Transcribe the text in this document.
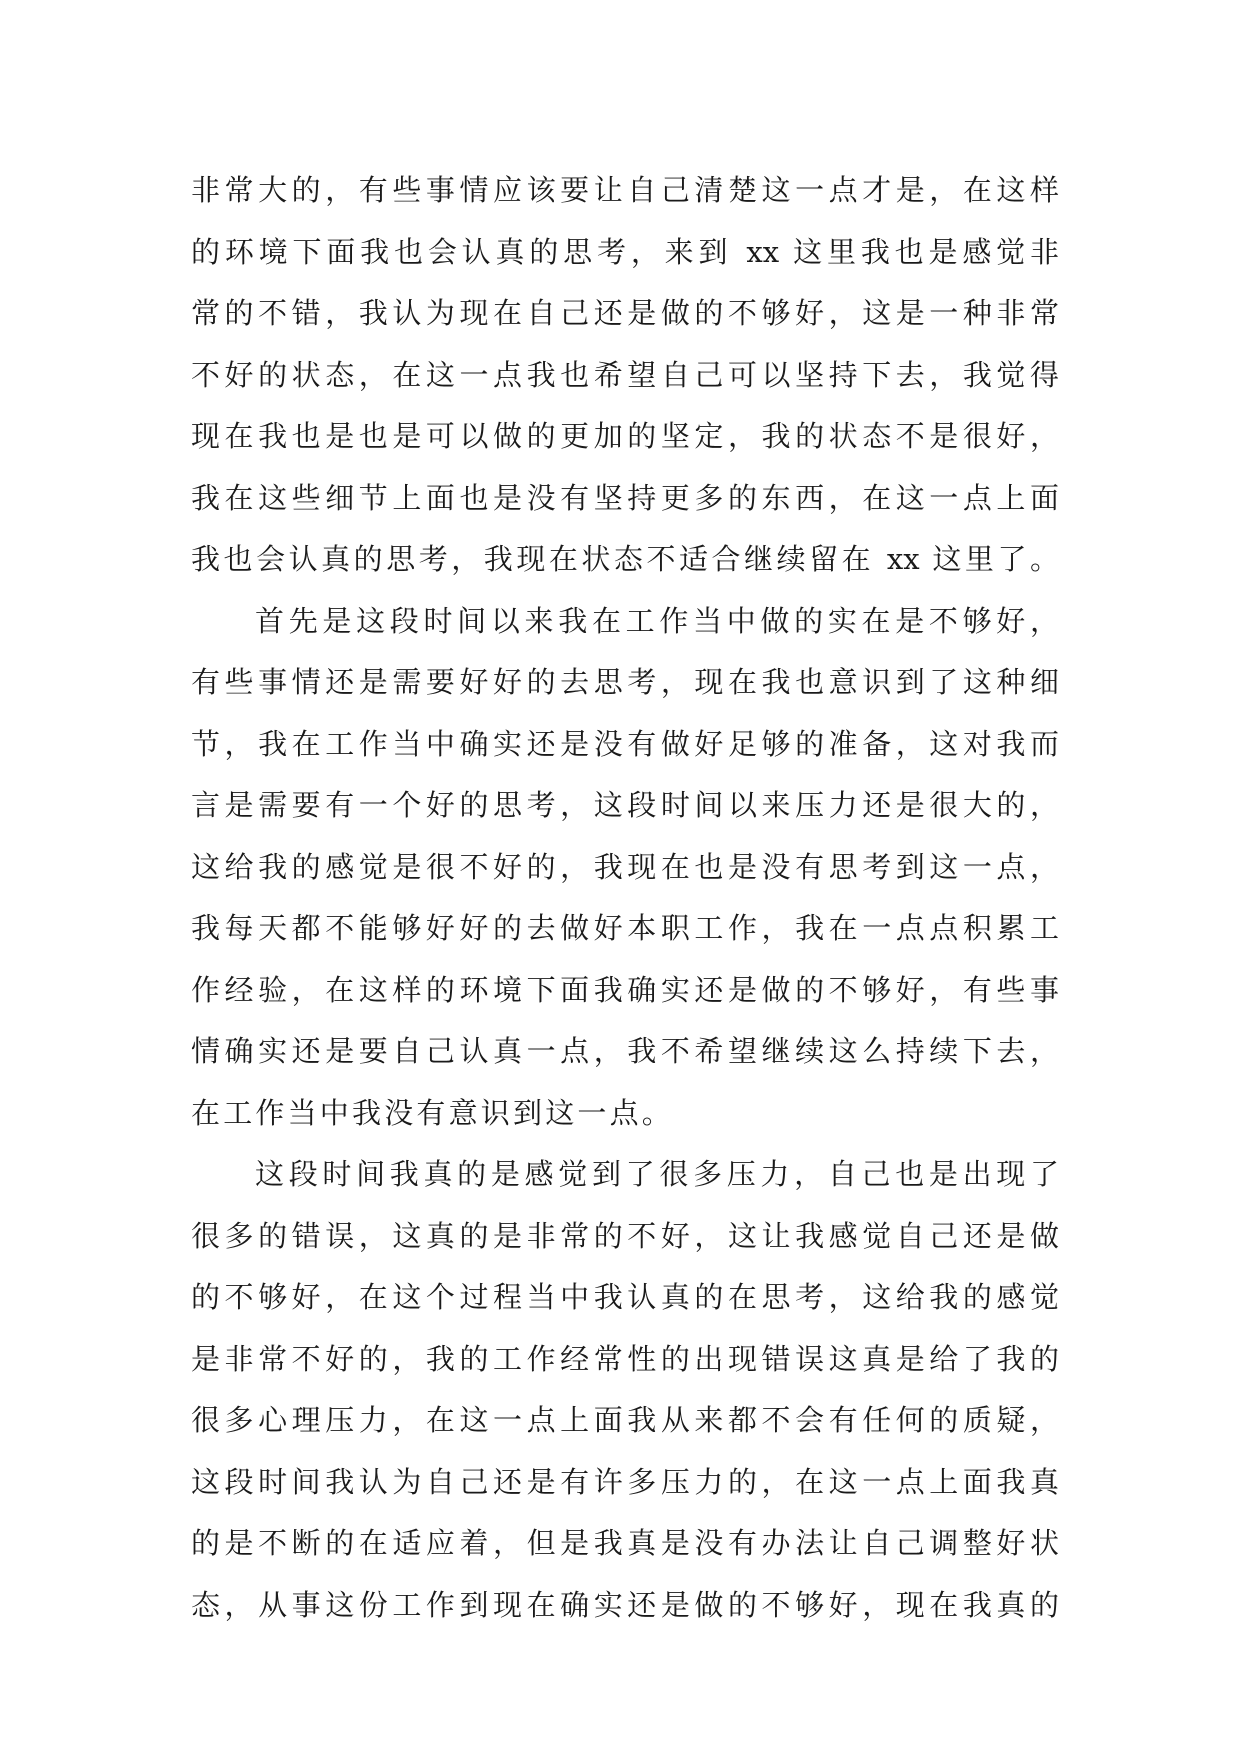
非常大的，有些事情应该要让自己清楚这一点才是，在这样
的环境下面我也会认真的思考，来到 xx 这里我也是感觉非
常的不错，我认为现在自己还是做的不够好，这是一种非常
不好的状态，在这一点我也希望自己可以坚持下去，我觉得
现在我也是也是可以做的更加的坚定，我的状态不是很好，
我在这些细节上面也是没有坚持更多的东西，在这一点上面
我也会认真的思考，我现在状态不适合继续留在 xx 这里了。
首先是这段时间以来我在工作当中做的实在是不够好，
有些事情还是需要好好的去思考，现在我也意识到了这种细
节，我在工作当中确实还是没有做好足够的准备，这对我而
言是需要有一个好的思考，这段时间以来压力还是很大的，
这给我的感觉是很不好的，我现在也是没有思考到这一点，
我每天都不能够好好的去做好本职工作，我在一点点积累工
作经验，在这样的环境下面我确实还是做的不够好，有些事
情确实还是要自己认真一点，我不希望继续这么持续下去，
在工作当中我没有意识到这一点。
这段时间我真的是感觉到了很多压力，自己也是出现了
很多的错误，这真的是非常的不好，这让我感觉自己还是做
的不够好，在这个过程当中我认真的在思考，这给我的感觉
是非常不好的，我的工作经常性的出现错误这真是给了我的
很多心理压力，在这一点上面我从来都不会有任何的质疑，
这段时间我认为自己还是有许多压力的，在这一点上面我真
的是不断的在适应着，但是我真是没有办法让自己调整好状
态，从事这份工作到现在确实还是做的不够好，现在我真的
